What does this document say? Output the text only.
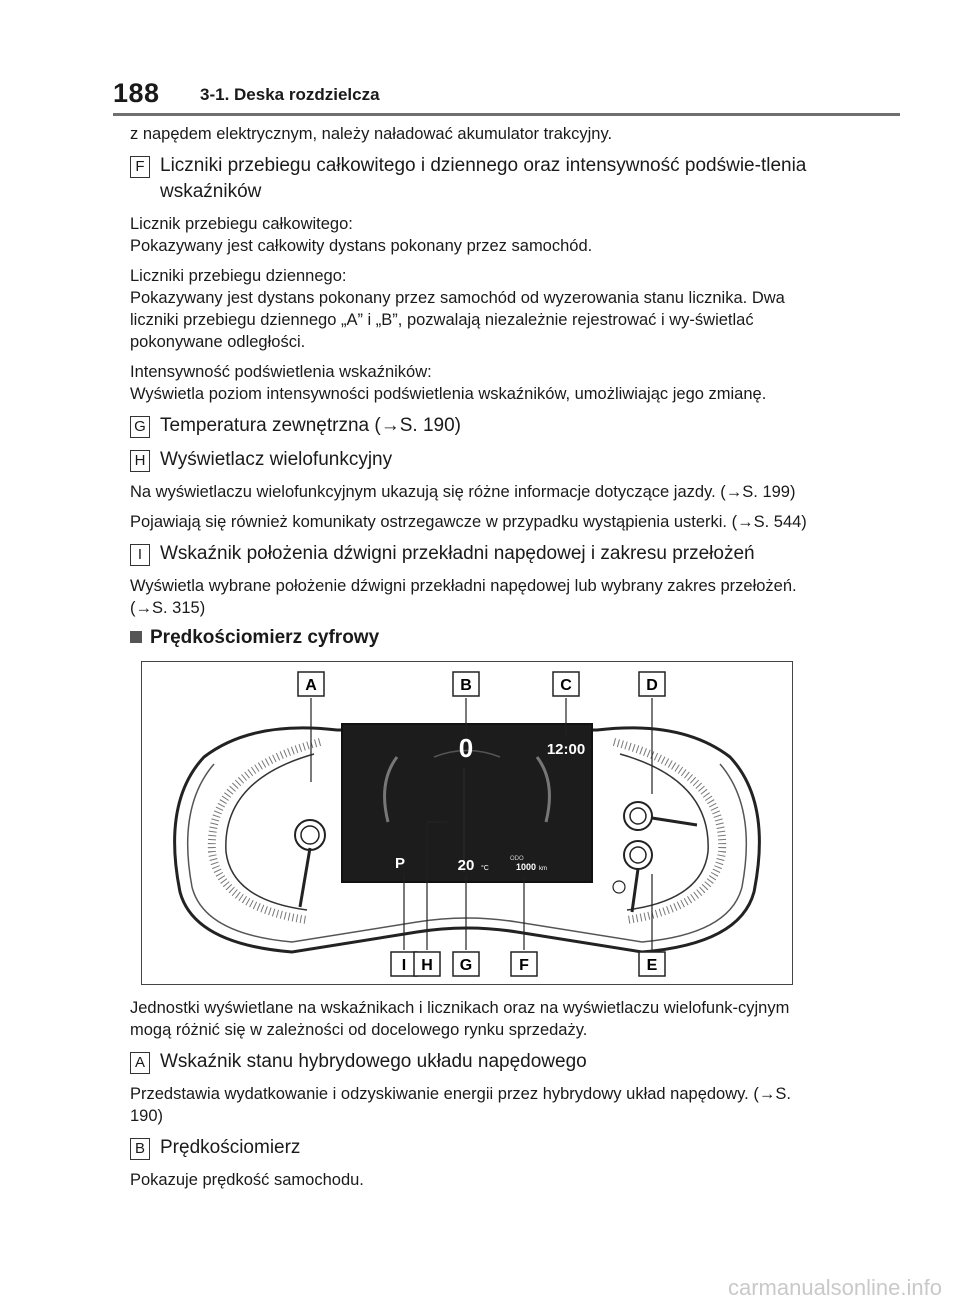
188 3-1. Deska rozdzielcza

z napędem elektrycznym, należy naładować akumulator trakcyjny.

F Liczniki przebiegu całkowitego i dziennego oraz intensywność podświe-tlenia wskaźników

Licznik przebiegu całkowitego:
Pokazywany jest całkowity dystans pokonany przez samochód.

Liczniki przebiegu dziennego:
Pokazywany jest dystans pokonany przez samochód od wyzerowania stanu licznika. Dwa liczniki przebiegu dziennego „A” i „B”, pozwalają niezależnie rejestrować i wy-świetlać pokonywane odległości.

Intensywność podświetlenia wskaźników:
Wyświetla poziom intensywności podświetlenia wskaźników, umożliwiając jego zmianę.

G Temperatura zewnętrzna (→S. 190)
H Wyświetlacz wielofunkcyjny

Na wyświetlaczu wielofunkcyjnym ukazują się różne informacje dotyczące jazdy. (→S. 199)

Pojawiają się również komunikaty ostrzegawcze w przypadku wystąpienia usterki. (→S. 544)

I Wskaźnik położenia dźwigni przekładni napędowej i zakresu przełożeń

Wyświetla wybrane położenie dźwigni przekładni napędowej lub wybrany zakres przełożeń. (→S. 315)

Prędkościomierz cyfrowy
0	12:00
P	20 °C
ODO
1000 km
A	B	C	D
I H G	F	E

Jednostki wyświetlane na wskaźnikach i licznikach oraz na wyświetlaczu wielofunk-cyjnym mogą różnić się w zależności od docelowego rynku sprzedaży.

A Wskaźnik stanu hybrydowego układu napędowego

Przedstawia wydatkowanie i odzyskiwanie energii przez hybrydowy układ napędowy. (→S. 190)

B Prędkościomierz

Pokazuje prędkość samochodu.

carmanualsonline.info
